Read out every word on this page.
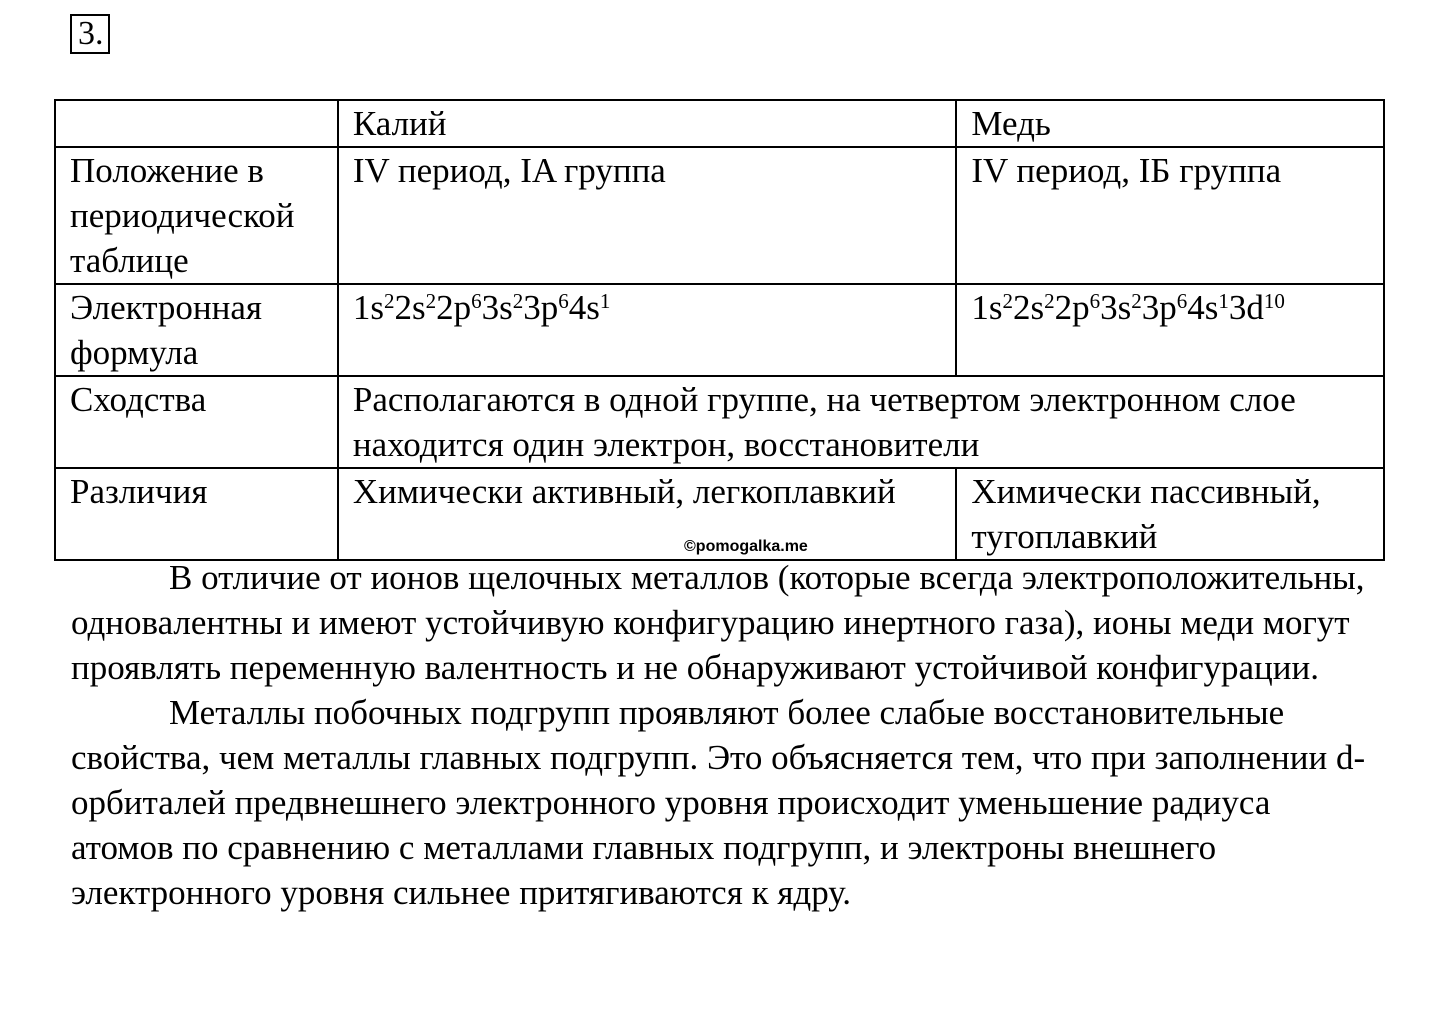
3.
	Калий	Медь
Положение в периодической таблице	IV период, IA группа	IV период, IБ группа
Электронная формула	$1s^22s^22p^63s^23p^64s^1$	$1s^22s^22p^63s^23p^64s^13d^{10}$
Сходства	Располагаются в одной группе, на четвертом электронном слое находится один электрон, восстановители	
Различия	Химически активный, легкоплавкий	Химически пассивный, тугоплавкий
©pomogalka.me

В отличие от ионов щелочных металлов (которые всегда электроположительны, одновалентны и имеют устойчивую конфигурацию инертного газа), ионы меди могут проявлять переменную валентность и не обнаруживают устойчивой конфигурации.

Металлы побочных подгрупп проявляют более слабые восстановительные свойства, чем металлы главных подгрупп. Это объясняется тем, что при заполнении d-орбиталей предвнешнего электронного уровня происходит уменьшение радиуса атомов по сравнению с металлами главных подгрупп, и электроны внешнего электронного уровня сильнее притягиваются к ядру.
